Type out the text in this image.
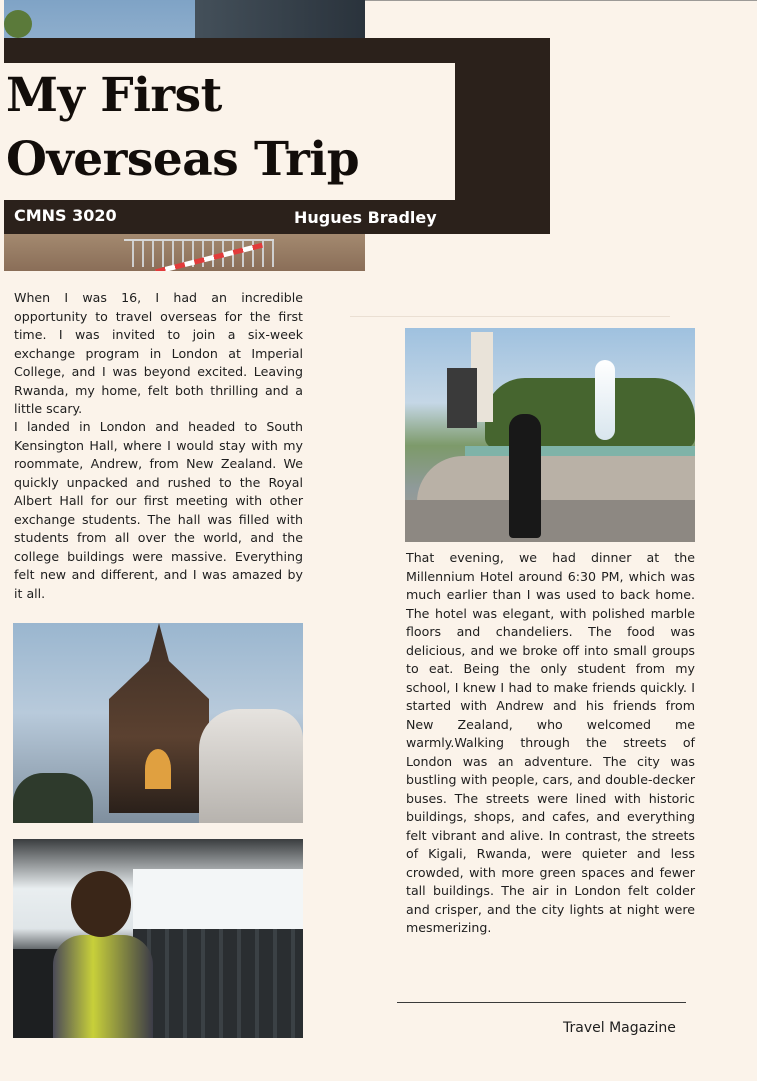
My First
Overseas Trip
CMNS 3020	Hugues Bradley

When I was 16, I had an incredible opportunity to travel overseas for the first time. I was invited to join a six-week exchange program in London at Imperial College, and I was beyond excited. Leaving Rwanda, my home, felt both thrilling and a little scary.

I landed in London and headed to South Kensington Hall, where I would stay with my roommate, Andrew, from New Zealand. We quickly unpacked and rushed to the Royal Albert Hall for our first meeting with other exchange students. The hall was filled with students from all over the world, and the college buildings were massive. Everything felt new and different, and I was amazed by it all.

That evening, we had dinner at the Millennium Hotel around 6:30 PM, which was much earlier than I was used to back home. The hotel was elegant, with polished marble floors and chandeliers. The food was delicious, and we broke off into small groups to eat. Being the only student from my school, I knew I had to make friends quickly. I started with Andrew and his friends from New Zealand, who welcomed me warmly.Walking through the streets of London was an adventure. The city was bustling with people, cars, and double-decker buses. The streets were lined with historic buildings, shops, and cafes, and everything felt vibrant and alive. In contrast, the streets of Kigali, Rwanda, were quieter and less crowded, with more green spaces and fewer tall buildings. The air in London felt colder and crisper, and the city lights at night were mesmerizing.

Travel Magazine
